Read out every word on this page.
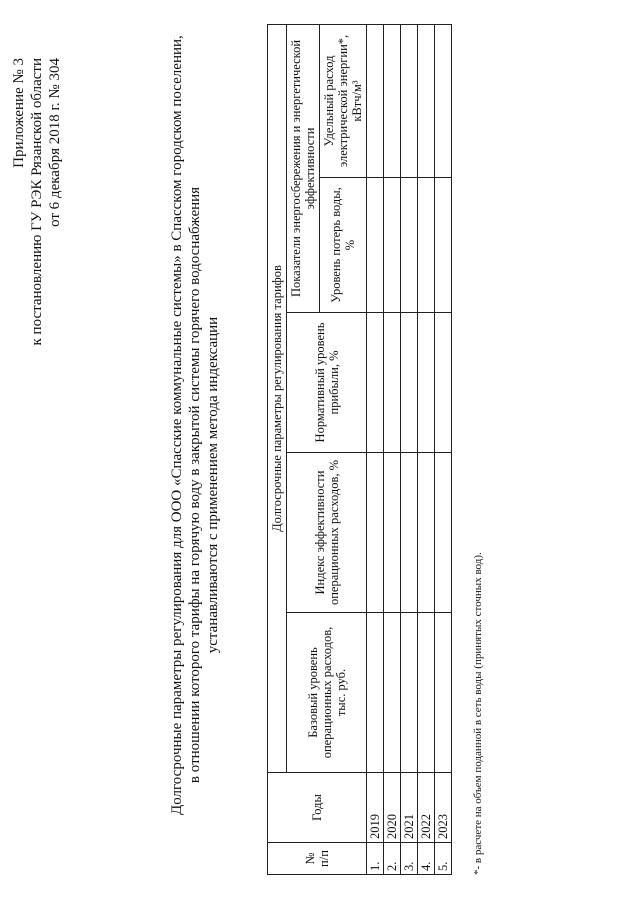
Приложение № 3 к постановлению ГУ РЭК Рязанской области от 6 декабря 2018 г. № 304	Долгосрочные параметры регулирования для ООО «Спасские коммунальные системы» в Спасском городском поселении, в отношении которого тарифы на горячую воду в закрытой системы горячего водоснабжения устанавливаются с применением метода индексации
№ п/п	Годы	Долгосрочные параметры регулирования тарифов				
		Базовый уровень операционных расходов, тыс. руб.	Индекс эффективности операционных расходов, %	Нормативный уровень прибыли, %	Показатели энергосбережения и энергетической эффективности	
					Уровень потерь воды, %	Удельный расход электрической энергии*,
кВтч/м³
1.	2019					
2.	2020					
3.	2021					
4.	2022					
5.	2023					*- в расчете на объем поданной в сеть воды (принятых сточных вод).
